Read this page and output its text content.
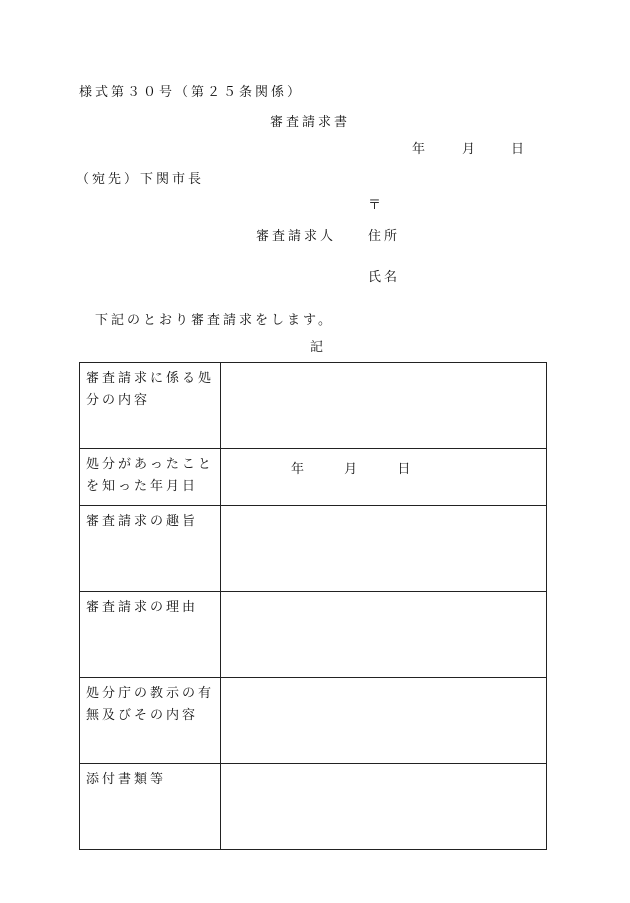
様式第３０号（第２５条関係）
審査請求書
年	月	日
（宛先）下関市長
〒
審査請求人 住所
氏名
下記のとおり審査請求をします。
記
審査請求に係る処分の内容	
処分があったことを知った年月日	年 月 日

審査請求の趣旨	
審査請求の理由	
処分庁の教示の有無及びその内容	
添付書類等	
